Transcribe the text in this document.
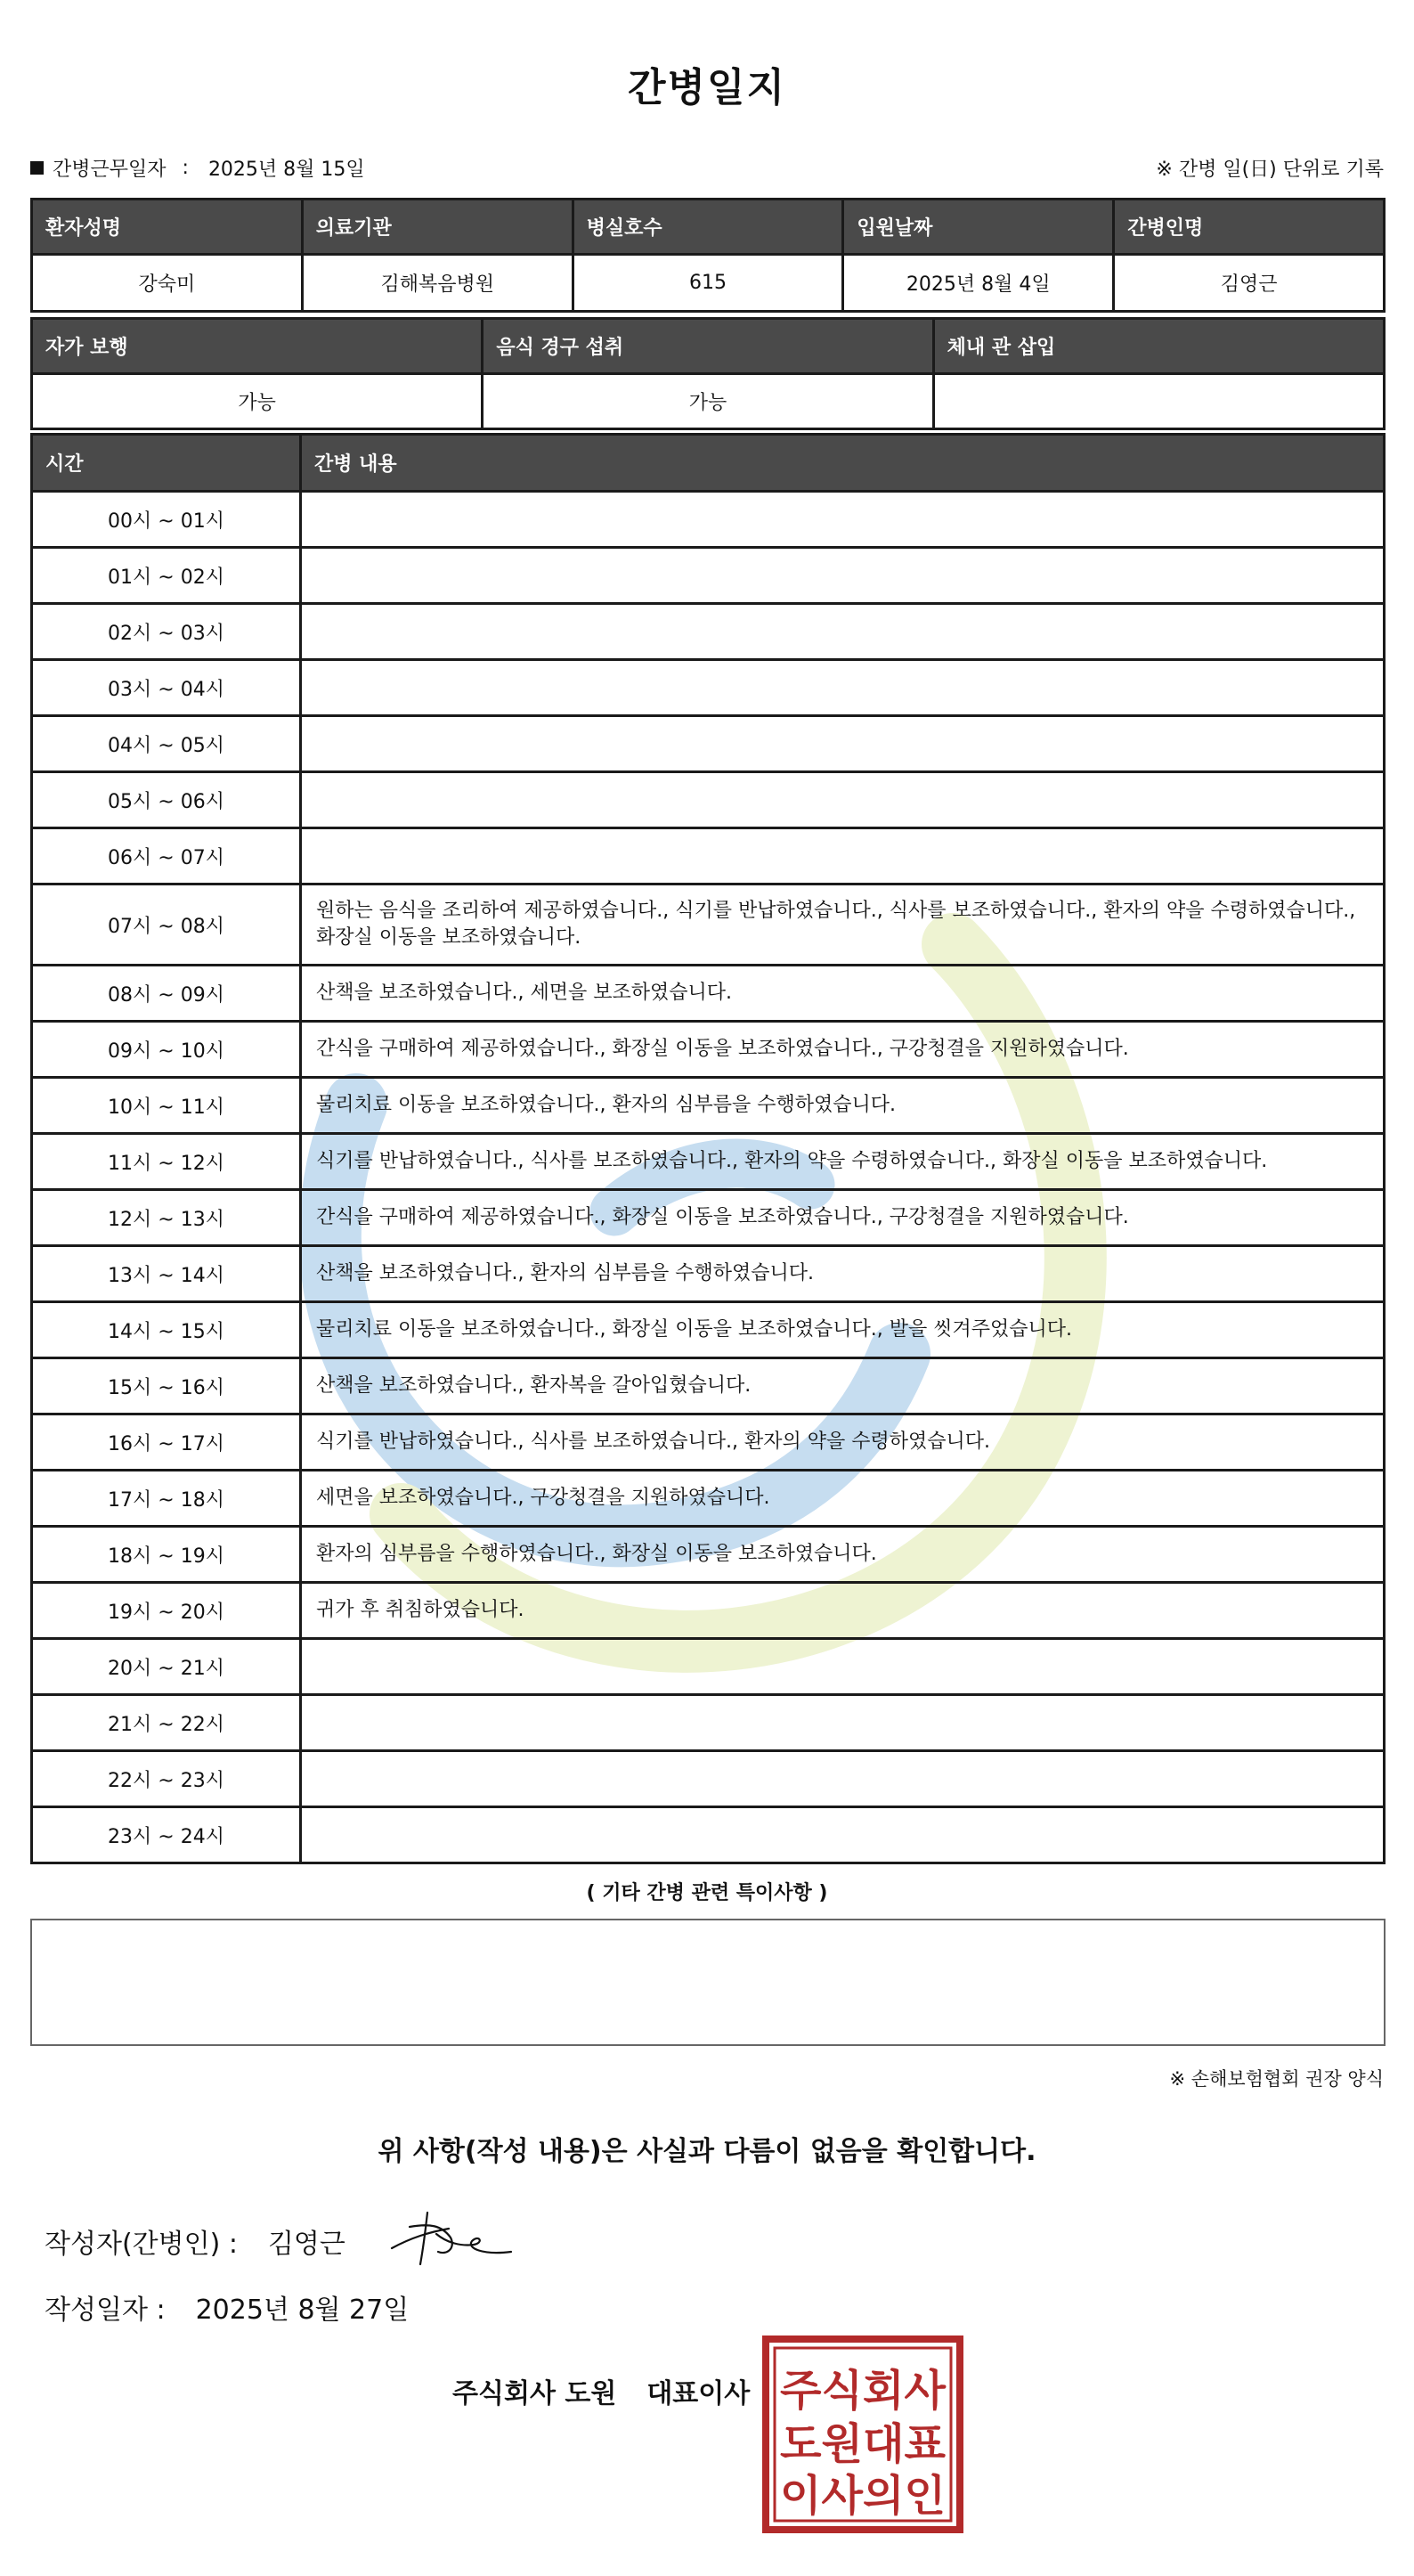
간병일지
간병근무일자 : 2025년 8월 15일	※ 간병 일(日) 단위로 기록
환자성명	의료기관	병실호수	입원날짜	간병인명
강숙미	김해복음병원	615	2025년 8월 4일	김영근
자가 보행	음식 경구 섭취	체내 관 삽입
가능	가능	
시간	간병 내용
00시 ~ 01시	
01시 ~ 02시	
02시 ~ 03시	
03시 ~ 04시	
04시 ~ 05시	
05시 ~ 06시	
06시 ~ 07시	
07시 ~ 08시	원하는 음식을 조리하여 제공하였습니다., 식기를 반납하였습니다., 식사를 보조하였습니다., 환자의 약을 수령하였습니다., 화장실 이동을 보조하였습니다.
08시 ~ 09시	산책을 보조하였습니다., 세면을 보조하였습니다.
09시 ~ 10시	간식을 구매하여 제공하였습니다., 화장실 이동을 보조하였습니다., 구강청결을 지원하였습니다.
10시 ~ 11시	물리치료 이동을 보조하였습니다., 환자의 심부름을 수행하였습니다.
11시 ~ 12시	식기를 반납하였습니다., 식사를 보조하였습니다., 환자의 약을 수령하였습니다., 화장실 이동을 보조하였습니다.
12시 ~ 13시	간식을 구매하여 제공하였습니다., 화장실 이동을 보조하였습니다., 구강청결을 지원하였습니다.
13시 ~ 14시	산책을 보조하였습니다., 환자의 심부름을 수행하였습니다.
14시 ~ 15시	물리치료 이동을 보조하였습니다., 화장실 이동을 보조하였습니다., 발을 씻겨주었습니다.
15시 ~ 16시	산책을 보조하였습니다., 환자복을 갈아입혔습니다.
16시 ~ 17시	식기를 반납하였습니다., 식사를 보조하였습니다., 환자의 약을 수령하였습니다.
17시 ~ 18시	세면을 보조하였습니다., 구강청결을 지원하였습니다.
18시 ~ 19시	환자의 심부름을 수행하였습니다., 화장실 이동을 보조하였습니다.
19시 ~ 20시	귀가 후 취침하였습니다.
20시 ~ 21시	
21시 ~ 22시	
22시 ~ 23시	
23시 ~ 24시	
( 기타 간병 관련 특이사항 )
※ 손해보험협회 권장 양식
위 사항(작성 내용)은 사실과 다름이 없음을 확인합니다.
작성자(간병인) : 김영근
작성일자 : 2025년 8월 27일
주식회사 도원 대표이사 주식회사
도원대표
이사의인
